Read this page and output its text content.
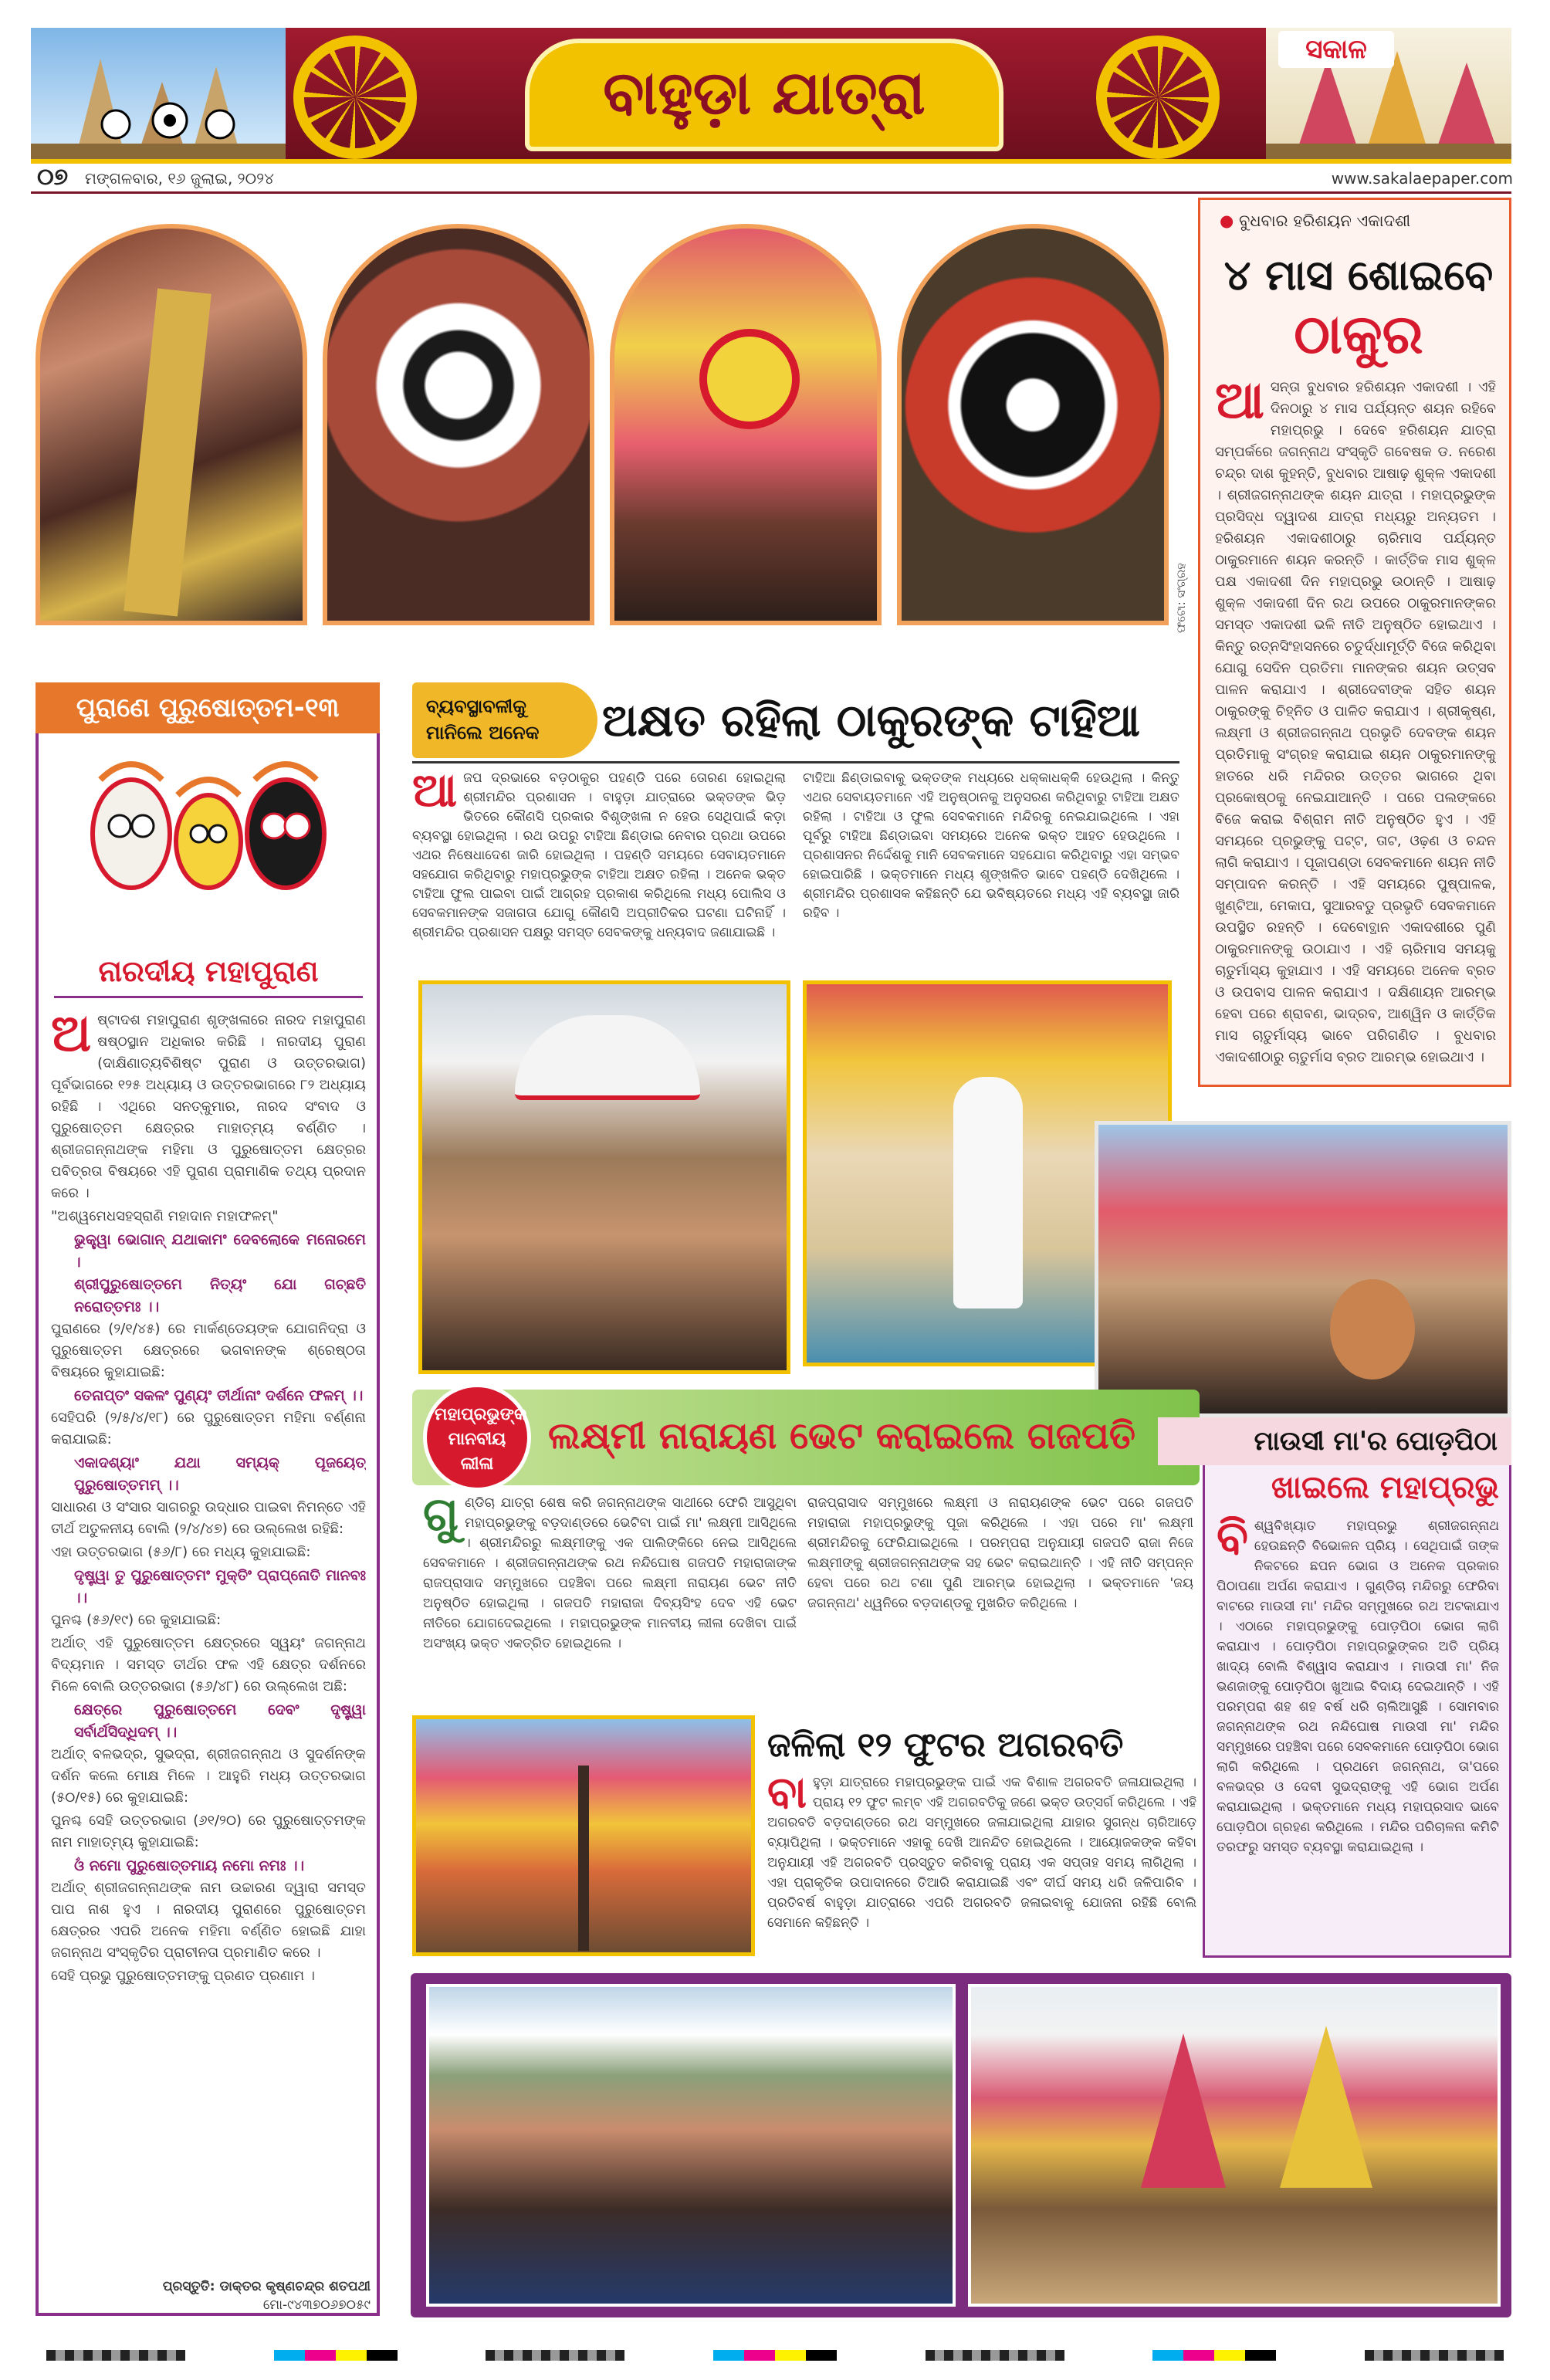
ବାହୁଡ଼ା ଯାତ୍ରା
ସକାଳ
୦୭	ମଙ୍ଗଳବାର, ୧୬ ଜୁଲାଇ, ୨୦୨୪	www.sakalaepaper.com
ଫଟୋ: ସଂଗ୍ରହ
● ବୁଧବାର ହରିଶୟନ ଏକାଦଶୀ
୪ ମାସ ଶୋଇବେ
ଠାକୁର
ଆସନ୍ତା ବୁଧବାର ହରିଶୟନ ଏକାଦଶୀ । ଏହି ଦିନଠାରୁ ୪ ମାସ ପର୍ଯ୍ୟନ୍ତ ଶୟନ ରହିବେ ମହାପ୍ରଭୁ । ଦେବେ ହରିଶୟନ ଯାତ୍ରା ସମ୍ପର୍କରେ ଜଗନ୍ନାଥ ସଂସ୍କୃତି ଗବେଷକ ଡ. ନରେଶ ଚନ୍ଦ୍ର ଦାଶ କୁହନ୍ତି, ବୁଧବାର ଆଷାଢ଼ ଶୁକ୍ଳ ଏକାଦଶୀ । ଶ୍ରୀଜଗନ୍ନାଥଙ୍କ ଶୟନ ଯାତ୍ରା । ମହାପ୍ରଭୁଙ୍କ ପ୍ରସିଦ୍ଧ ଦ୍ୱାଦଶ ଯାତ୍ରା ମଧ୍ୟରୁ ଅନ୍ୟତମ । ହରିଶୟନ ଏକାଦଶୀଠାରୁ ଚାରିମାସ ପର୍ଯ୍ୟନ୍ତ ଠାକୁରମାନେ ଶୟନ କରନ୍ତି । କାର୍ତ୍ତିକ ମାସ ଶୁକ୍ଳ ପକ୍ଷ ଏକାଦଶୀ ଦିନ ମହାପ୍ରଭୁ ଉଠାନ୍ତି । ଆଷାଢ଼ ଶୁକ୍ଳ ଏକାଦଶୀ ଦିନ ରଥ ଉପରେ ଠାକୁରମାନଙ୍କର ସମସ୍ତ ଏକାଦଶୀ ଭଳି ନୀତି ଅନୁଷ୍ଠିତ ହୋଇଥାଏ । କିନ୍ତୁ ରତ୍ନସିଂହାସନରେ ଚତୁର୍ଦ୍ଧାମୂର୍ତ୍ତି ବିଜେ କରିଥିବା ଯୋଗୁ ସେଦିନ ପ୍ରତିମା ମାନଙ୍କର ଶୟନ ଉତ୍ସବ ପାଳନ କରାଯାଏ । ଶ୍ରୀଦେବୀଙ୍କ ସହିତ ଶୟନ ଠାକୁରଙ୍କୁ ଚିହ୍ନିତ ଓ ପାଳିତ କରାଯାଏ । ଶ୍ରୀକୃଷ୍ଣ, ଲକ୍ଷ୍ମୀ ଓ ଶ୍ରୀଜଗନ୍ନାଥ ପ୍ରଭୃତି ଦେବଙ୍କ ଶୟନ ପ୍ରତିମାକୁ ସଂଗ୍ରହ କରାଯାଇ ଶୟନ ଠାକୁରମାନଙ୍କୁ ହାତରେ ଧରି ମନ୍ଦିରର ଉତ୍ତର ଭାଗରେ ଥିବା ପ୍ରକୋଷ୍ଠକୁ ନେଇଯାଆନ୍ତି । ପରେ ପଲଙ୍କରେ ବିଜେ କରାଇ ବିଶ୍ରାମ ନୀତି ଅନୁଷ୍ଠିତ ହୁଏ । ଏହି ସମୟରେ ପ୍ରଭୁଙ୍କୁ ପଟ୍ଟ, ତାଟ, ଓଢ଼ଣ ଓ ଚନ୍ଦନ ଲାଗି କରାଯାଏ । ପୂଜାପଣ୍ଡା ସେବକମାନେ ଶୟନ ନୀତି ସମ୍ପାଦନ କରନ୍ତି । ଏହି ସମୟରେ ପୁଷ୍ପାଳକ, ଖୁଣ୍ଟିଆ, ମେକାପ, ସୁଆରବଡୁ ପ୍ରଭୃତି ସେବକମାନେ ଉପସ୍ଥିତ ରହନ୍ତି । ଦେବୋତ୍ଥାନ ଏକାଦଶୀରେ ପୁଣି ଠାକୁରମାନଙ୍କୁ ଉଠାଯାଏ । ଏହି ଚାରିମାସ ସମୟକୁ ଚାତୁର୍ମାସ୍ୟ କୁହାଯାଏ । ଏହି ସମୟରେ ଅନେକ ବ୍ରତ ଓ ଉପବାସ ପାଳନ କରାଯାଏ । ଦକ୍ଷିଣାୟନ ଆରମ୍ଭ ହେବା ପରେ ଶ୍ରାବଣ, ଭାଦ୍ରବ, ଆଶ୍ୱିନ ଓ କାର୍ତ୍ତିକ ମାସ ଚାତୁର୍ମାସ୍ୟ ଭାବେ ପରିଗଣିତ । ବୁଧବାର ଏକାଦଶୀଠାରୁ ଚାତୁର୍ମାସ ବ୍ରତ ଆରମ୍ଭ ହୋଇଥାଏ ।
ପୁରାଣେ ପୁରୁଷୋତ୍ତମ-୧୩
ନାରଦୀୟ ମହାପୁରାଣ

ଅଷ୍ଟାଦଶ ମହାପୁରାଣ ଶୃଙ୍ଖଳାରେ ନାରଦ ମହାପୁରାଣ ଷଷ୍ଠସ୍ଥାନ ଅଧିକାର କରିଛି । ନାରଦୀୟ ପୁରାଣ (ଦାକ୍ଷିଣାତ୍ୟବିଶିଷ୍ଟ ପୁରାଣ ଓ ଉତ୍ତରଭାଗ) ପୂର୍ବଭାଗରେ ୧୨୫ ଅଧ୍ୟାୟ ଓ ଉତ୍ତରଭାଗରେ ୮୨ ଅଧ୍ୟାୟ ରହିଛି । ଏଥିରେ ସନତ୍କୁମାର, ନାରଦ ସଂବାଦ ଓ ପୁରୁଷୋତ୍ତମ କ୍ଷେତ୍ରର ମାହାତ୍ମ୍ୟ ବର୍ଣ୍ଣିତ । ଶ୍ରୀଜଗନ୍ନାଥଙ୍କ ମହିମା ଓ ପୁରୁଷୋତ୍ତମ କ୍ଷେତ୍ରର ପବିତ୍ରତା ବିଷୟରେ ଏହି ପୁରାଣ ପ୍ରାମାଣିକ ତଥ୍ୟ ପ୍ରଦାନ କରେ ।

"ଅଶ୍ୱମେଧସହସ୍ରାଣି ମହାଦାନ ମହାଫଳମ୍"

ଭୁକ୍ତ୍ୱା ଭୋଗାନ୍ ଯଥାକାମଂ ଦେବଲୋକେ ମନୋରମେ ।
ଶ୍ରୀପୁରୁଷୋତ୍ତମେ ନିତ୍ୟଂ ଯୋ ଗଚ୍ଛତି ନରୋତ୍ତମଃ ।।

ପୁରାଣରେ (୨/୧/୪୫) ରେ ମାର୍କଣ୍ଡେୟଙ୍କ ଯୋଗନିଦ୍ରା ଓ ପୁରୁଷୋତ୍ତମ କ୍ଷେତ୍ରରେ ଭଗବାନଙ୍କ ଶ୍ରେଷ୍ଠତା ବିଷୟରେ କୁହାଯାଇଛି:

ତେନାପ୍ତଂ ସକଳଂ ପୁଣ୍ୟଂ ତୀର୍ଥାନାଂ ଦର୍ଶନେ ଫଳମ୍ ।।

ସେହିପରି (୨/୫/୪/୧୮) ରେ ପୁରୁଷୋତ୍ତମ ମହିମା ବର୍ଣ୍ଣନା କରାଯାଇଛି:

ଏକାଦଶ୍ୟାଂ ଯଥା ସମ୍ୟକ୍ ପୂଜୟେତ୍ ପୁରୁଷୋତ୍ତମମ୍ ।।

ସାଧାରଣ ଓ ସଂସାର ସାଗରରୁ ଉଦ୍ଧାର ପାଇବା ନିମନ୍ତେ ଏହି ତୀର୍ଥ ଅତୁଳନୀୟ ବୋଲି (୨/୪/୪୭) ରେ ଉଲ୍ଲେଖ ରହିଛି:

ଏହା ଉତ୍ତରଭାଗ (୫୬/୮) ରେ ମଧ୍ୟ କୁହାଯାଇଛି:

ଦୃଷ୍ଟ୍ୱା ତୁ ପୁରୁଷୋତ୍ତମଂ ମୁକ୍ତିଂ ପ୍ରାପ୍ନୋତି ମାନବଃ ।।

ପୁନଶ୍ଚ (୫୬/୧୯) ରେ କୁହାଯାଇଛି:

ଅର୍ଥାତ୍ ଏହି ପୁରୁଷୋତ୍ତମ କ୍ଷେତ୍ରରେ ସ୍ୱୟଂ ଜଗନ୍ନାଥ ବିଦ୍ୟମାନ । ସମସ୍ତ ତୀର୍ଥର ଫଳ ଏହି କ୍ଷେତ୍ର ଦର୍ଶନରେ ମିଳେ ବୋଲି ଉତ୍ତରଭାଗ (୫୬/୪୮) ରେ ଉଲ୍ଲେଖ ଅଛି:

କ୍ଷେତ୍ରେ ପୁରୁଷୋତ୍ତମେ ଦେବଂ ଦୃଷ୍ଟ୍ୱା ସର୍ବାର୍ଥସିଦ୍ଧିଦମ୍ ।।

ଅର୍ଥାତ୍ ବଳଭଦ୍ର, ସୁଭଦ୍ରା, ଶ୍ରୀଜଗନ୍ନାଥ ଓ ସୁଦର୍ଶନଙ୍କ ଦର୍ଶନ କଲେ ମୋକ୍ଷ ମିଳେ । ଆହୁରି ମଧ୍ୟ ଉତ୍ତରଭାଗ (୫୦/୧୫) ରେ କୁହାଯାଇଛି:

ପୁନଶ୍ଚ ସେହି ଉତ୍ତରଭାଗ (୬୧/୨୦) ରେ ପୁରୁଷୋତ୍ତମଙ୍କ ନାମ ମାହାତ୍ମ୍ୟ କୁହାଯାଇଛି:

ଓଁ ନମୋ ପୁରୁଷୋତ୍ତମାୟ ନମୋ ନମଃ ।।

ଅର୍ଥାତ୍ ଶ୍ରୀଜଗନ୍ନାଥଙ୍କ ନାମ ଉଚ୍ଚାରଣ ଦ୍ୱାରା ସମସ୍ତ ପାପ ନାଶ ହୁଏ । ନାରଦୀୟ ପୁରାଣରେ ପୁରୁଷୋତ୍ତମ କ୍ଷେତ୍ରର ଏପରି ଅନେକ ମହିମା ବର୍ଣ୍ଣିତ ହୋଇଛି ଯାହା ଜଗନ୍ନାଥ ସଂସ୍କୃତିର ପ୍ରାଚୀନତା ପ୍ରମାଣିତ କରେ ।

ସେହି ପ୍ରଭୁ ପୁରୁଷୋତ୍ତମଙ୍କୁ ପ୍ରଣତ ପ୍ରଣାମ ।

ପ୍ରସ୍ତୁତି: ଡାକ୍ତର କୃଷ୍ଣଚନ୍ଦ୍ର ଶତପଥୀ
ମୋ-୯୪୩୭୦୬୭୦୫୯
ବ୍ୟବସ୍ଥାବଳୀକୁ ମାନିଲେ ଅନେକ	ଅକ୍ଷତ ରହିଲା ଠାକୁରଙ୍କ ଟାହିଆ
ଆଜପ ଦ୍ରଭାରେ ବଡ଼ଠାକୁର ପହଣ୍ଡି ପରେ ତୋରଣ ହୋଇଥିଲା ଶ୍ରୀମନ୍ଦିର ପ୍ରଶାସନ । ବାହୁଡ଼ା ଯାତ୍ରାରେ ଭକ୍ତଙ୍କ ଭିଡ଼ ଭିତରେ କୌଣସି ପ୍ରକାର ବିଶୃଙ୍ଖଳା ନ ହେଉ ସେଥିପାଇଁ କଡ଼ା ବ୍ୟବସ୍ଥା ହୋଇଥିଲା । ରଥ ଉପରୁ ଟାହିଆ ଛିଣ୍ଡାଇ ନେବାର ପ୍ରଥା ଉପରେ ଏଥର ନିଷେଧାଦେଶ ଜାରି ହୋଇଥିଲା । ପହଣ୍ଡି ସମୟରେ ସେବାୟତମାନେ ସହଯୋଗ କରିଥିବାରୁ ମହାପ୍ରଭୁଙ୍କ ଟାହିଆ ଅକ୍ଷତ ରହିଲା । ଅନେକ ଭକ୍ତ ଟାହିଆ ଫୁଲ ପାଇବା ପାଇଁ ଆଗ୍ରହ ପ୍ରକାଶ କରିଥିଲେ ମଧ୍ୟ ପୋଲିସ ଓ ସେବକମାନଙ୍କ ସଜାଗତା ଯୋଗୁ କୌଣସି ଅପ୍ରୀତିକର ଘଟଣା ଘଟିନାହିଁ । ଶ୍ରୀମନ୍ଦିର ପ୍ରଶାସନ ପକ୍ଷରୁ ସମସ୍ତ ସେବକଙ୍କୁ ଧନ୍ୟବାଦ ଜଣାଯାଇଛି ।
ଟାହିଆ ଛିଣ୍ଡାଇବାକୁ ଭକ୍ତଙ୍କ ମଧ୍ୟରେ ଧକ୍କାଧକ୍କି ହେଉଥିଲା । କିନ୍ତୁ ଏଥର ସେବାୟତମାନେ ଏହି ଅନୁଷ୍ଠାନକୁ ଅନୁସରଣ କରିଥିବାରୁ ଟାହିଆ ଅକ୍ଷତ ରହିଲା । ଟାହିଆ ଓ ଫୁଲ ସେବକମାନେ ମନ୍ଦିରକୁ ନେଇଯାଇଥିଲେ । ଏହା ପୂର୍ବରୁ ଟାହିଆ ଛିଣ୍ଡାଇବା ସମୟରେ ଅନେକ ଭକ୍ତ ଆହତ ହେଉଥିଲେ । ପ୍ରଶାସନର ନିର୍ଦ୍ଦେଶକୁ ମାନି ସେବକମାନେ ସହଯୋଗ କରିଥିବାରୁ ଏହା ସମ୍ଭବ ହୋଇପାରିଛି । ଭକ୍ତମାନେ ମଧ୍ୟ ଶୃଙ୍ଖଳିତ ଭାବେ ପହଣ୍ଡି ଦେଖିଥିଲେ । ଶ୍ରୀମନ୍ଦିର ପ୍ରଶାସକ କହିଛନ୍ତି ଯେ ଭବିଷ୍ୟତରେ ମଧ୍ୟ ଏହି ବ୍ୟବସ୍ଥା ଜାରି ରହିବ ।
ମହାପ୍ରଭୁଙ୍କ ମାନବୀୟ ଲୀଳା
ଲକ୍ଷ୍ମୀ ନାରାୟଣ ଭେଟ କରାଇଲେ ଗଜପତି
ଗୁଣ୍ଡିଚା ଯାତ୍ରା ଶେଷ କରି ଜଗନ୍ନାଥଙ୍କ ସାଥୀରେ ଫେରି ଆସୁଥିବା ମହାପ୍ରଭୁଙ୍କୁ ବଡ଼ଦାଣ୍ଡରେ ଭେଟିବା ପାଇଁ ମା' ଲକ୍ଷ୍ମୀ ଆସିଥିଲେ । ଶ୍ରୀମନ୍ଦିରରୁ ଲକ୍ଷ୍ମୀଙ୍କୁ ଏକ ପାଲିଙ୍କିରେ ନେଇ ଆସିଥିଲେ ସେବକମାନେ । ଶ୍ରୀଜଗନ୍ନାଥଙ୍କ ରଥ ନନ୍ଦିଘୋଷ ଗଜପତି ମହାରାଜାଙ୍କ ରାଜପ୍ରାସାଦ ସମ୍ମୁଖରେ ପହଞ୍ଚିବା ପରେ ଲକ୍ଷ୍ମୀ ନାରାୟଣ ଭେଟ ନୀତି ଅନୁଷ୍ଠିତ ହୋଇଥିଲା । ଗଜପତି ମହାରାଜା ଦିବ୍ୟସିଂହ ଦେବ ଏହି ଭେଟ ନୀତିରେ ଯୋଗଦେଇଥିଲେ । ମହାପ୍ରଭୁଙ୍କ ମାନବୀୟ ଲୀଳା ଦେଖିବା ପାଇଁ ଅସଂଖ୍ୟ ଭକ୍ତ ଏକତ୍ରିତ ହୋଇଥିଲେ ।
ରାଜପ୍ରାସାଦ ସମ୍ମୁଖରେ ଲକ୍ଷ୍ମୀ ଓ ନାରାୟଣଙ୍କ ଭେଟ ପରେ ଗଜପତି ମହାରାଜା ମହାପ୍ରଭୁଙ୍କୁ ପୂଜା କରିଥିଲେ । ଏହା ପରେ ମା' ଲକ୍ଷ୍ମୀ ଶ୍ରୀମନ୍ଦିରକୁ ଫେରିଯାଇଥିଲେ । ପରମ୍ପରା ଅନୁଯାୟୀ ଗଜପତି ରାଜା ନିଜେ ଲକ୍ଷ୍ମୀଙ୍କୁ ଶ୍ରୀଜଗନ୍ନାଥଙ୍କ ସହ ଭେଟ କରାଇଥାନ୍ତି । ଏହି ନୀତି ସମ୍ପନ୍ନ ହେବା ପରେ ରଥ ଟଣା ପୁଣି ଆରମ୍ଭ ହୋଇଥିଲା । ଭକ୍ତମାନେ 'ଜୟ ଜଗନ୍ନାଥ' ଧ୍ୱନିରେ ବଡ଼ଦାଣ୍ଡକୁ ମୁଖରିତ କରିଥିଲେ ।
ମାଉସୀ ମା'ର ପୋଡ଼ପିଠା
ଖାଇଲେ ମହାପ୍ରଭୁ
ବିଶ୍ୱବିଖ୍ୟାତ ମହାପ୍ରଭୁ ଶ୍ରୀଜଗନ୍ନାଥ ହେଉଛନ୍ତି ବିଭୋଳନ ପ୍ରିୟ । ସେଥିପାଇଁ ତାଙ୍କ ନିକଟରେ ଛପନ ଭୋଗ ଓ ଅନେକ ପ୍ରକାର ପିଠାପଣା ଅର୍ପଣ କରାଯାଏ । ଗୁଣ୍ଡିଚା ମନ୍ଦିରରୁ ଫେରିବା ବାଟରେ ମାଉସୀ ମା' ମନ୍ଦିର ସମ୍ମୁଖରେ ରଥ ଅଟକାଯାଏ । ଏଠାରେ ମହାପ୍ରଭୁଙ୍କୁ ପୋଡ଼ପିଠା ଭୋଗ ଲାଗି କରାଯାଏ । ପୋଡ଼ପିଠା ମହାପ୍ରଭୁଙ୍କର ଅତି ପ୍ରିୟ ଖାଦ୍ୟ ବୋଲି ବିଶ୍ୱାସ କରାଯାଏ । ମାଉସୀ ମା' ନିଜ ଭଣଜାଙ୍କୁ ପୋଡ଼ପିଠା ଖୁଆଇ ବିଦାୟ ଦେଇଥାନ୍ତି । ଏହି ପରମ୍ପରା ଶହ ଶହ ବର୍ଷ ଧରି ଚାଲିଆସୁଛି । ସୋମବାର ଜଗନ୍ନାଥଙ୍କ ରଥ ନନ୍ଦିଘୋଷ ମାଉସୀ ମା' ମନ୍ଦିର ସମ୍ମୁଖରେ ପହଞ୍ଚିବା ପରେ ସେବକମାନେ ପୋଡ଼ପିଠା ଭୋଗ ଲାଗି କରିଥିଲେ । ପ୍ରଥମେ ଜଗନ୍ନାଥ, ତା'ପରେ ବଳଭଦ୍ର ଓ ଦେବୀ ସୁଭଦ୍ରାଙ୍କୁ ଏହି ଭୋଗ ଅର୍ପଣ କରାଯାଇଥିଲା । ଭକ୍ତମାନେ ମଧ୍ୟ ମହାପ୍ରସାଦ ଭାବେ ପୋଡ଼ପିଠା ଗ୍ରହଣ କରିଥିଲେ । ମନ୍ଦିର ପରିଚାଳନା କମିଟି ତରଫରୁ ସମସ୍ତ ବ୍ୟବସ୍ଥା କରାଯାଇଥିଲା ।
ଜଳିଲା ୧୨ ଫୁଟର ଅଗରବତି
ବାହୁଡ଼ା ଯାତ୍ରାରେ ମହାପ୍ରଭୁଙ୍କ ପାଇଁ ଏକ ବିଶାଳ ଅଗରବତି ଜଳାଯାଇଥିଲା । ପ୍ରାୟ ୧୨ ଫୁଟ ଲମ୍ବ ଏହି ଅଗରବତିକୁ ଜଣେ ଭକ୍ତ ଉତ୍ସର୍ଗ କରିଥିଲେ । ଏହି ଅଗରବତି ବଡ଼ଦାଣ୍ଡରେ ରଥ ସମ୍ମୁଖରେ ଜଳାଯାଇଥିଲା ଯାହାର ସୁଗନ୍ଧ ଚାରିଆଡ଼େ ବ୍ୟାପିଥିଲା । ଭକ୍ତମାନେ ଏହାକୁ ଦେଖି ଆନନ୍ଦିତ ହୋଇଥିଲେ । ଆୟୋଜକଙ୍କ କହିବା ଅନୁଯାୟୀ ଏହି ଅଗରବତି ପ୍ରସ୍ତୁତ କରିବାକୁ ପ୍ରାୟ ଏକ ସପ୍ତାହ ସମୟ ଲାଗିଥିଲା । ଏହା ପ୍ରାକୃତିକ ଉପାଦାନରେ ତିଆରି କରାଯାଇଛି ଏବଂ ଦୀର୍ଘ ସମୟ ଧରି ଜଳିପାରିବ । ପ୍ରତିବର୍ଷ ବାହୁଡ଼ା ଯାତ୍ରାରେ ଏପରି ଅଗରବତି ଜଳାଇବାକୁ ଯୋଜନା ରହିଛି ବୋଲି ସେମାନେ କହିଛନ୍ତି ।
